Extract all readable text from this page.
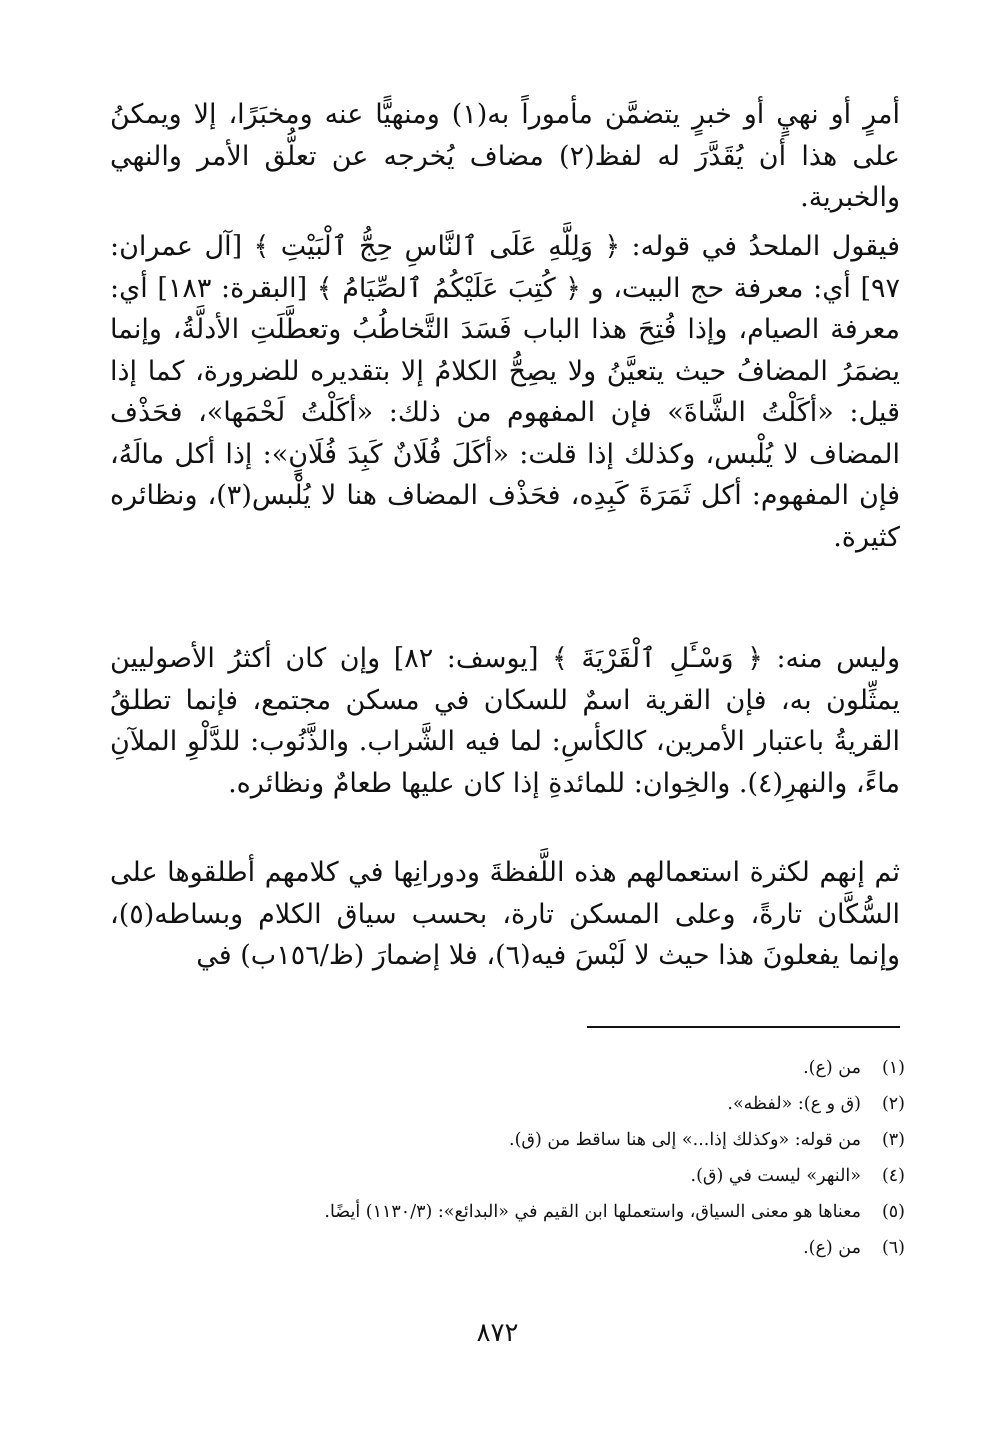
أمرٍ أو نهيٍ أو خبرٍ يتضمَّن مأموراً به(١) ومنهيًّا عنه ومخبَرًا، إلا ويمكنُ على هذا أن يُقَدَّرَ له لفظ(٢) مضاف يُخرجه عن تعلُّق الأمر والنهي والخبرية.

فيقول الملحدُ في قوله: ﴿ وَلِلَّهِ عَلَى ٱلنَّاسِ حِجُّ ٱلْبَيْتِ ﴾ [آل عمران: ٩٧] أي: معرفة حج البيت، و ﴿ كُتِبَ عَلَيْكُمُ ٱلصِّيَامُ ﴾ [البقرة: ١٨٣] أي: معرفة الصيام، وإذا فُتِحَ هذا الباب فَسَدَ التَّخاطُبُ وتعطَّلَتِ الأدلَّةُ، وإنما يضمَرُ المضافُ حيث يتعيَّنُ ولا يصِحُّ الكلامُ إلا بتقديره للضرورة، كما إذا قيل: «أكَلْتُ الشَّاةَ» فإن المفهوم من ذلك: «أكَلْتُ لَحْمَها»، فحَذْف المضاف لا يُلْبس، وكذلك إذا قلت: «أكَلَ فُلَانٌ كَبِدَ فُلَانٍ»: إذا أكل مالَهُ، فإن المفهوم: أكل ثَمَرَةَ كَبِدِه، فحَذْف المضاف هنا لا يُلْبس(٣)، ونظائره كثيرة.

وليس منه: ﴿ وَسْـَٔلِ ٱلْقَرْيَةَ ﴾ [يوسف: ٨٢] وإن كان أكثرُ الأصوليين يمثِّلون به، فإن القرية اسمٌ للسكان في مسكن مجتمع، فإنما تطلقُ القريةُ باعتبار الأمرين، كالكأسِ: لما فيه الشَّراب. والذَّنُوب: للدَّلْوِ الملآنِ ماءً، والنهرِ(٤). والخِوان: للمائدةِ إذا كان عليها طعامٌ ونظائره.

ثم إنهم لكثرة استعمالهم هذه اللَّفظةَ ودورانِها في كلامهم أطلقوها على السُّكَّان تارةً، وعلى المسكن تارة، بحسب سياق الكلام وبساطه(٥)، وإنما يفعلونَ هذا حيث لا لَبْسَ فيه(٦)، فلا إضمارَ (ظ/١٥٦ب) في

(١)من (ع).
(٢)(ق و ع): «لفظه».
(٣)من قوله: «وكذلك إذا...» إلى هنا ساقط من (ق).
(٤)«النهر» ليست في (ق).
(٥)معناها هو معنى السياق، واستعملها ابن القيم في «البدائع»: (١١٣٠/٣) أيضًا.
(٦)من (ع).
٨٧٢
